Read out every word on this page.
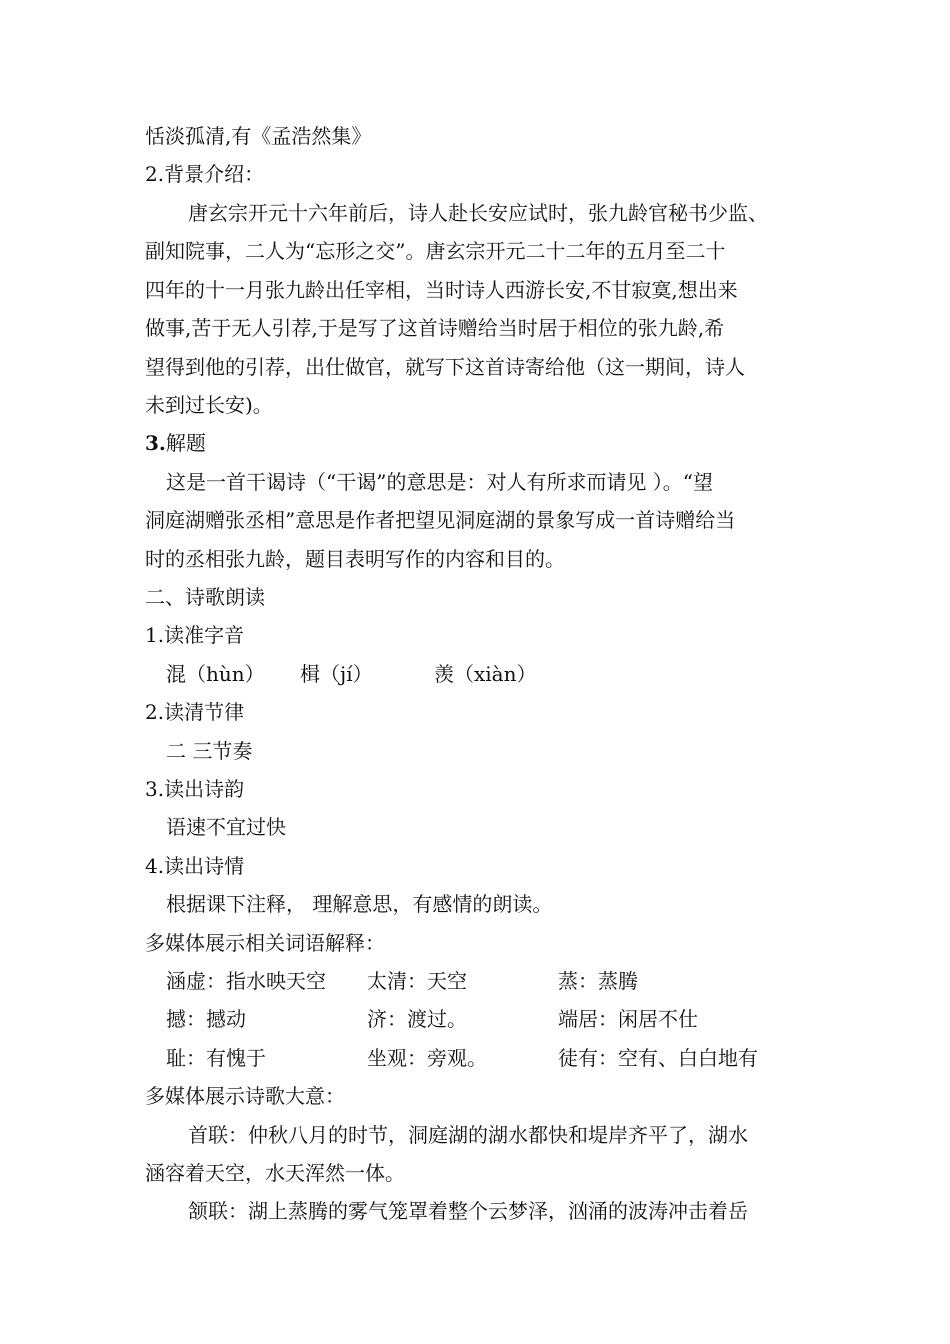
恬淡孤清,有《孟浩然集》
2.背景介绍：
唐玄宗开元十六年前后，诗人赴长安应试时，张九龄官秘书少监、
副知院事，二人为“忘形之交”。唐玄宗开元二十二年的五月至二十
四年的十一月张九龄出任宰相，当时诗人西游长安,不甘寂寞,想出来
做事,苦于无人引荐,于是写了这首诗赠给当时居于相位的张九龄,希
望得到他的引荐，出仕做官，就写下这首诗寄给他（这一期间，诗人
未到过长安)。
3.解题
这是一首干谒诗（“干谒”的意思是：对人有所求而请见 ）。“望
洞庭湖赠张丞相”意思是作者把望见洞庭湖的景象写成一首诗赠给当
时的丞相张九龄，题目表明写作的内容和目的。
二、诗歌朗读
1.读准字音
混（hùn） 楫（jí）	羡（xiàn）
2.读清节律
二 三节奏
3.读出诗韵
语速不宜过快
4.读出诗情
根据课下注释， 理解意思，有感情的朗读。
多媒体展示相关词语解释：
涵虚：指水映天空 太清：天空	蒸：蒸腾
撼：撼动	济：渡过。	端居：闲居不仕
耻：有愧于	坐观：旁观。	徒有：空有、白白地有
多媒体展示诗歌大意：
首联：仲秋八月的时节，洞庭湖的湖水都快和堤岸齐平了，湖水
涵容着天空，水天浑然一体。
颔联：湖上蒸腾的雾气笼罩着整个云梦泽，汹涌的波涛冲击着岳
